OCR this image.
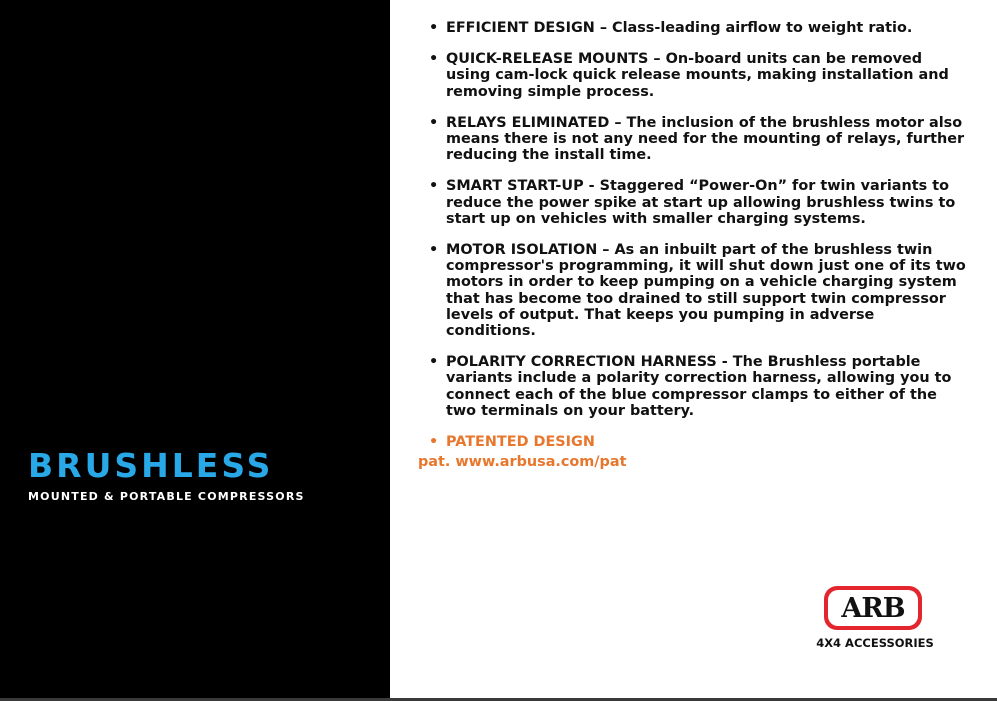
BRUSHLESS
MOUNTED & PORTABLE COMPRESSORS
• EFFICIENT DESIGN – Class-leading airflow to weight ratio.
• QUICK-RELEASE MOUNTS – On-board units can be removed using cam-lock quick release mounts, making installation and removing simple process.
• RELAYS ELIMINATED – The inclusion of the brushless motor also means there is not any need for the mounting of relays, further reducing the install time.
• SMART START-UP - Staggered “Power-On” for twin variants to reduce the power spike at start up allowing brushless twins to start up on vehicles with smaller charging systems.
• MOTOR ISOLATION – As an inbuilt part of the brushless twin compressor's programming, it will shut down just one of its two motors in order to keep pumping on a vehicle charging system that has become too drained to still support twin compressor levels of output. That keeps you pumping in adverse conditions.
• POLARITY CORRECTION HARNESS - The Brushless portable variants include a polarity correction harness, allowing you to connect each of the blue compressor clamps to either of the two terminals on your battery.
• PATENTED DESIGN
pat. www.arbusa.com/pat
ARB
4X4 ACCESSORIES
